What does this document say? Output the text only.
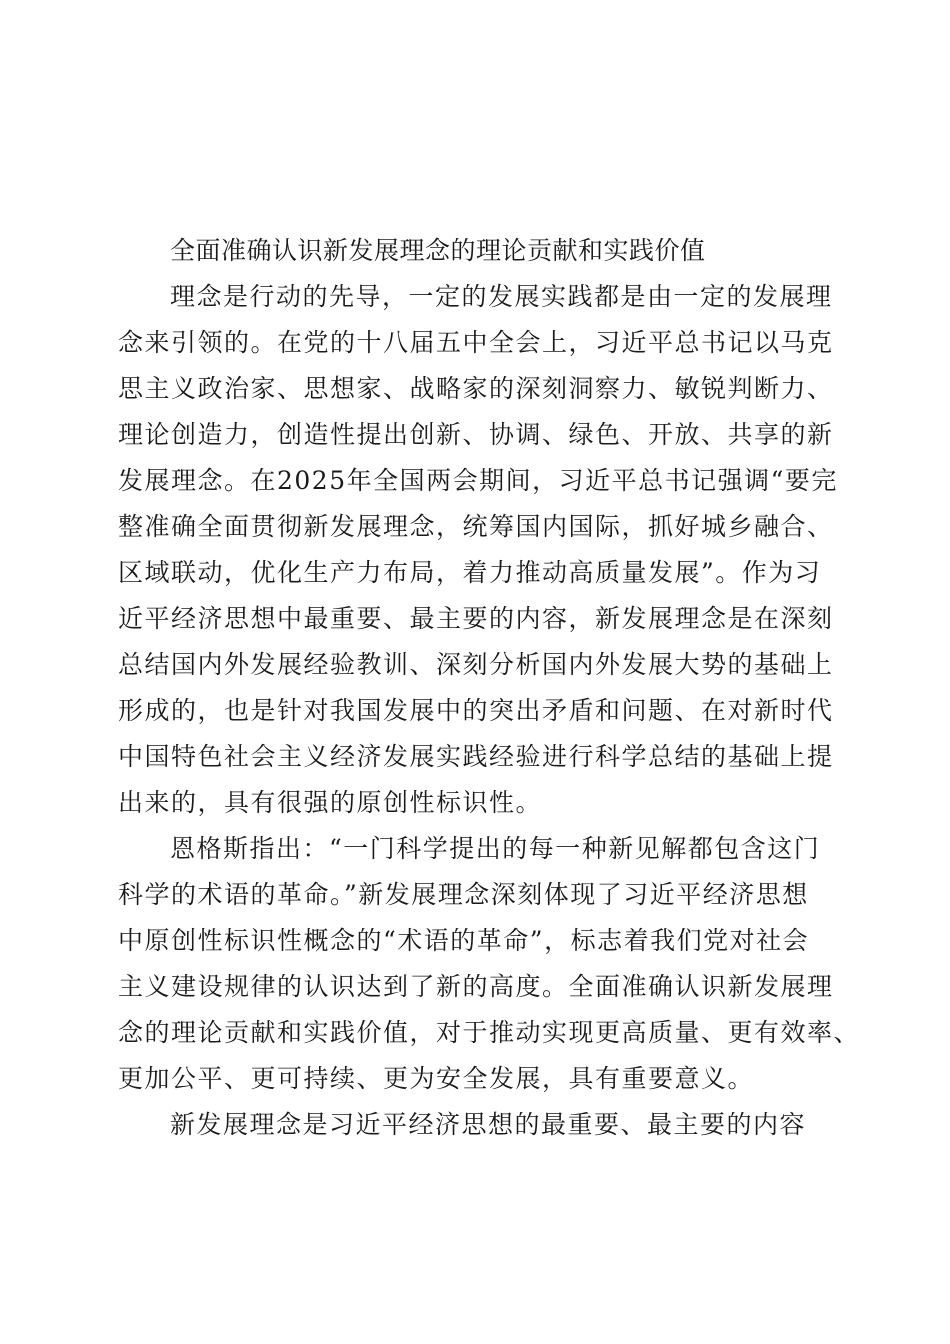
全面准确认识新发展理念的理论贡献和实践价值
理念是行动的先导，一定的发展实践都是由一定的发展理
念来引领的。在党的十八届五中全会上，习近平总书记以马克
思主义政治家、思想家、战略家的深刻洞察力、敏锐判断力、
理论创造力，创造性提出创新、协调、绿色、开放、共享的新
发展理念。在2025年全国两会期间，习近平总书记强调“要完
整准确全面贯彻新发展理念，统筹国内国际，抓好城乡融合、
区域联动，优化生产力布局，着力推动高质量发展”。作为习
近平经济思想中最重要、最主要的内容，新发展理念是在深刻
总结国内外发展经验教训、深刻分析国内外发展大势的基础上
形成的，也是针对我国发展中的突出矛盾和问题、在对新时代
中国特色社会主义经济发展实践经验进行科学总结的基础上提
出来的，具有很强的原创性标识性。
恩格斯指出：“一门科学提出的每一种新见解都包含这门
科学的术语的革命。”新发展理念深刻体现了习近平经济思想
中原创性标识性概念的“术语的革命”，标志着我们党对社会
主义建设规律的认识达到了新的高度。全面准确认识新发展理
念的理论贡献和实践价值，对于推动实现更高质量、更有效率、
更加公平、更可持续、更为安全发展，具有重要意义。
新发展理念是习近平经济思想的最重要、最主要的内容
